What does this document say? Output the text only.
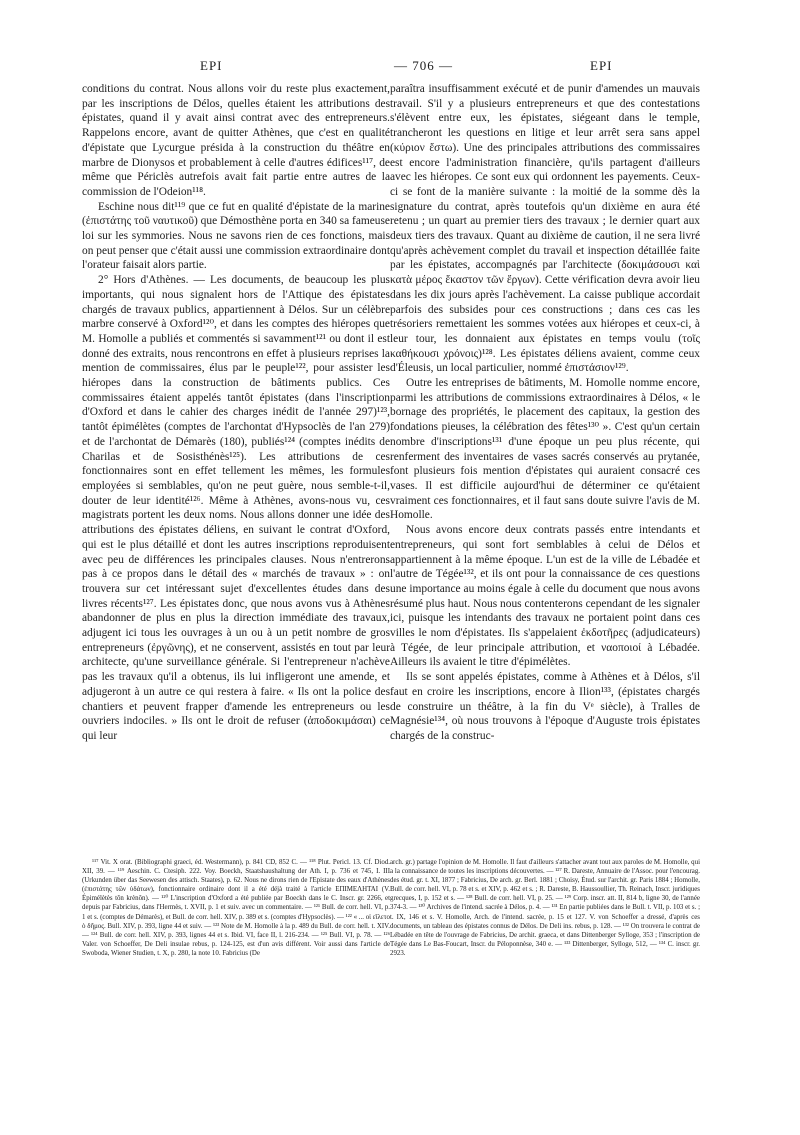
EPI	— 706 —	EPI

conditions du contrat. Nous allons voir du reste plus exactement, par les inscriptions de Délos, quelles étaient les attributions des épistates, quand il y avait ainsi contrat avec des entrepreneurs. Rappelons encore, avant de quitter Athènes, que c'est en qualité d'épistate que Lycurgue présida à la construction du théâtre en marbre de Dionysos et probablement à celle d'autres édifices¹¹⁷, de même que Périclès autrefois avait fait partie entre autres de la commission de l'Odeion¹¹⁸.

Eschine nous dit¹¹⁹ que ce fut en qualité d'épistate de la marine (ἐπιστάτης τοῦ ναυτικοῦ) que Démosthène porta en 340 sa fameuse loi sur les symmories. Nous ne savons rien de ces fonctions, mais on peut penser que c'était aussi une commission extraordinaire dont l'orateur faisait alors partie.

2° Hors d'Athènes. — Les documents, de beaucoup les plus importants, qui nous signalent hors de l'Attique des épistates chargés de travaux publics, appartiennent à Délos. Sur un célèbre marbre conservé à Oxford¹²⁰, et dans les comptes des hiéropes que M. Homolle a publiés et commentés si savamment¹²¹ ou dont il est donné des extraits, nous rencontrons en effet à plusieurs reprises la mention de commissaires, élus par le peuple¹²², pour assister les hiéropes dans la construction de bâtiments publics. Ces commissaires étaient appelés tantôt épistates (dans l'inscription d'Oxford et dans le cahier des charges inédit de l'année 297)¹²³, tantôt épimélètes (comptes de l'archontat d'Hypsoclès de l'an 279) et de l'archontat de Démarès (180), publiés¹²⁴ (comptes inédits de Charilas et de Sosisthénès¹²⁵). Les attributions de ces fonctionnaires sont en effet tellement les mêmes, les formules employées si semblables, qu'on ne peut guère, nous semble-t-il, douter de leur identité¹²⁶. Même à Athènes, avons-nous vu, ces magistrats portent les deux noms. Nous allons donner une idée des attributions des épistates déliens, en suivant le contrat d'Oxford, qui est le plus détaillé et dont les autres inscriptions reproduisent avec peu de différences les principales clauses. Nous n'entrerons pas à ce propos dans le détail des « marchés de travaux » : on trouvera sur cet intéressant sujet d'excellentes études dans des livres récents¹²⁷. Les épistates donc, que nous avons vus à Athènes abandonner de plus en plus la direction immédiate des travaux, adjugent ici tous les ouvrages à un ou à un petit nombre de gros entrepreneurs (ἐργῶνης), et ne conservent, assistés en tout par leur architecte, qu'une surveillance générale. Si l'entrepreneur n'achève pas les travaux qu'il a obtenus, ils lui infligeront une amende, et adjugeront à un autre ce qui restera à faire. « Ils ont la police des chantiers et peuvent frapper d'amende les entrepreneurs ou les ouvriers indociles. » Ils ont le droit de refuser (ἀποδοκιμάσαι) ce qui leur

paraîtra insuffisamment exécuté et de punir d'amendes un mauvais travail. S'il y a plusieurs entrepreneurs et que des contestations s'élèvent entre eux, les épistates, siégeant dans le temple, trancheront les questions en litige et leur arrêt sera sans appel (κύριον ἔστω). Une des principales attributions des commissaires est encore l'administration financière, qu'ils partagent d'ailleurs avec les hiéropes. Ce sont eux qui ordonnent les payements. Ceux-ci se font de la manière suivante : la moitié de la somme dès la signature du contrat, après toutefois qu'un dixième en aura été retenu ; un quart au premier tiers des travaux ; le dernier quart aux deux tiers des travaux. Quant au dixième de caution, il ne sera livré qu'après achèvement complet du travail et inspection détaillée faite par les épistates, accompagnés par l'architecte (δοκιμάσουσι καὶ κατὰ μέρος ἕκαστον τῶν ἔργων). Cette vérification devra avoir lieu dans les dix jours après l'achèvement. La caisse publique accordait parfois des subsides pour ces constructions ; dans ces cas les trésoriers remettaient les sommes votées aux hiéropes et ceux-ci, à leur tour, les donnaient aux épistates en temps voulu (τοῖς καθήκουσι χρόνοις)¹²⁸. Les épistates déliens avaient, comme ceux d'Éleusis, un local particulier, nommé ἐπιστάσιον¹²⁹.

Outre les entreprises de bâtiments, M. Homolle nomme encore, parmi les attributions de commissions extraordinaires à Délos, « le bornage des propriétés, le placement des capitaux, la gestion des fondations pieuses, la célébration des fêtes¹³⁰ ». C'est qu'un certain nombre d'inscriptions¹³¹ d'une époque un peu plus récente, qui renferment des inventaires de vases sacrés conservés au prytanée, font plusieurs fois mention d'épistates qui auraient consacré ces vases. Il est difficile aujourd'hui de déterminer ce qu'étaient vraiment ces fonctionnaires, et il faut sans doute suivre l'avis de M. Homolle.

Nous avons encore deux contrats passés entre intendants et entrepreneurs, qui sont fort semblables à celui de Délos et appartiennent à la même époque. L'un est de la ville de Lébadée et l'autre de Tégée¹³², et ils ont pour la connaissance de ces questions une importance au moins égale à celle du document que nous avons résumé plus haut. Nous nous contenterons cependant de les signaler ici, puisque les intendants des travaux ne portaient point dans ces villes le nom d'épistates. Ils s'appelaient ἐκδοτῆρες (adjudicateurs) à Tégée, de leur principale attribution, et ναοποιοί à Lébadée. Ailleurs ils avaient le titre d'épimélètes.

Ils se sont appelés épistates, comme à Athènes et à Délos, s'il faut en croire les inscriptions, encore à Ilion¹³³, (épistates chargés de construire un théâtre, à la fin du Vᵉ siècle), à Tralles de Magnésie¹³⁴, où nous trouvons à l'époque d'Auguste trois épistates chargés de la construc-

¹¹⁷ Vit. X orat. (Bibliographi graeci, éd. Westermann), p. 841 CD, 852 C. — ¹¹⁸ Plut. Pericl. 13. Cf. Diod. XII, 39. — ¹¹⁹ Aeschin. C. Ctesiph. 222. Voy. Boeckh, Staatshaushaltung der Ath. I, p. 736 et 745, I. III (Urkunden über das Seewesen des attisch. Staates), p. 62. Nous ne dirons rien de l'Epistate des eaux d'Athènes (ἐπιστάτης τῶν ὑδάτων), fonctionnaire ordinaire dont il a été déjà traité à l'article ΕΠΙΜΕΛΗΤΑΙ (V. Épimélètès tôn krènôn). — ¹²⁰ L'inscription d'Oxford a été publiée par Boeckh dans le C. Inscr. gr. 2266, et depuis par Fabricius, dans l'Hermès, t. XVII, p. 1 et suiv. avec un commentaire. — ¹²¹ Bull. de corr. hell. VI, p. 1 et s. (comptes de Démarès), et Bull. de corr. hell. XIV, p. 389 et s. (comptes d'Hypsoclès). — ¹²² « ... οἱ εἵλετο ὁ δῆμος. Bull. XIV, p. 393, ligne 44 et suiv. — ¹²³ Note de M. Homolle à la p. 489 du Bull. de corr. hell. t. XIV. — ¹²⁴ Bull. de corr. hell. XIV, p. 393, lignes 44 et s. Ibid. VI, face II, l. 216-234. — ¹²⁵ Bull. VI, p. 78. — ¹²⁶ Valer. von Schoeffer, De Deli insulae rebus, p. 124-125, est d'un avis différent. Voir aussi dans l'article de Swoboda, Wiener Studien, t. X, p. 280, la note 10. Fabricius (De

arch. gr.) partage l'opinion de M. Homolle. Il faut d'ailleurs s'attacher avant tout aux paroles de M. Homolle, qui a la connaissance de toutes les inscriptions découvertes. — ¹²⁷ R. Dareste, Annuaire de l'Assoc. pour l'encourag. des étud. gr. t. XI, 1877 ; Fabricius, De arch. gr. Berl. 1881 ; Choisy, Étud. sur l'archit. gr. Paris 1884 ; Homolle, Bull. de corr. hell. VI, p. 78 et s. et XIV, p. 462 et s. ; R. Dareste, B. Haussoullier, Th. Reinach, Inscr. juridiques grecques, I, p. 152 et s. — ¹²⁸ Bull. de corr. hell. VI, p. 25. — ¹²⁹ Corp. inscr. att. II, 814 b, ligne 30, de l'année 374-3. — ¹³⁰ Archives de l'intend. sacrée à Délos, p. 4. — ¹³¹ En partie publiées dans le Bull. t. VII, p. 103 et s. ; t. IX, 146 et s. V. Homolle, Arch. de l'intend. sacrée, p. 15 et 127. V. von Schoeffer a dressé, d'après ces documents, un tableau des épistates connus de Délos. De Deli ins. rebus, p. 128. — ¹³² On trouvera le contrat de Lébadée en tête de l'ouvrage de Fabricius, De archit. graeca, et dans Dittenberger Sylloge, 353 ; l'inscription de Tégée dans Le Bas-Foucart, Inscr. du Péloponnèse, 340 e. — ¹³³ Dittenberger, Sylloge, 512, — ¹³⁴ C. inscr. gr. 2923.
